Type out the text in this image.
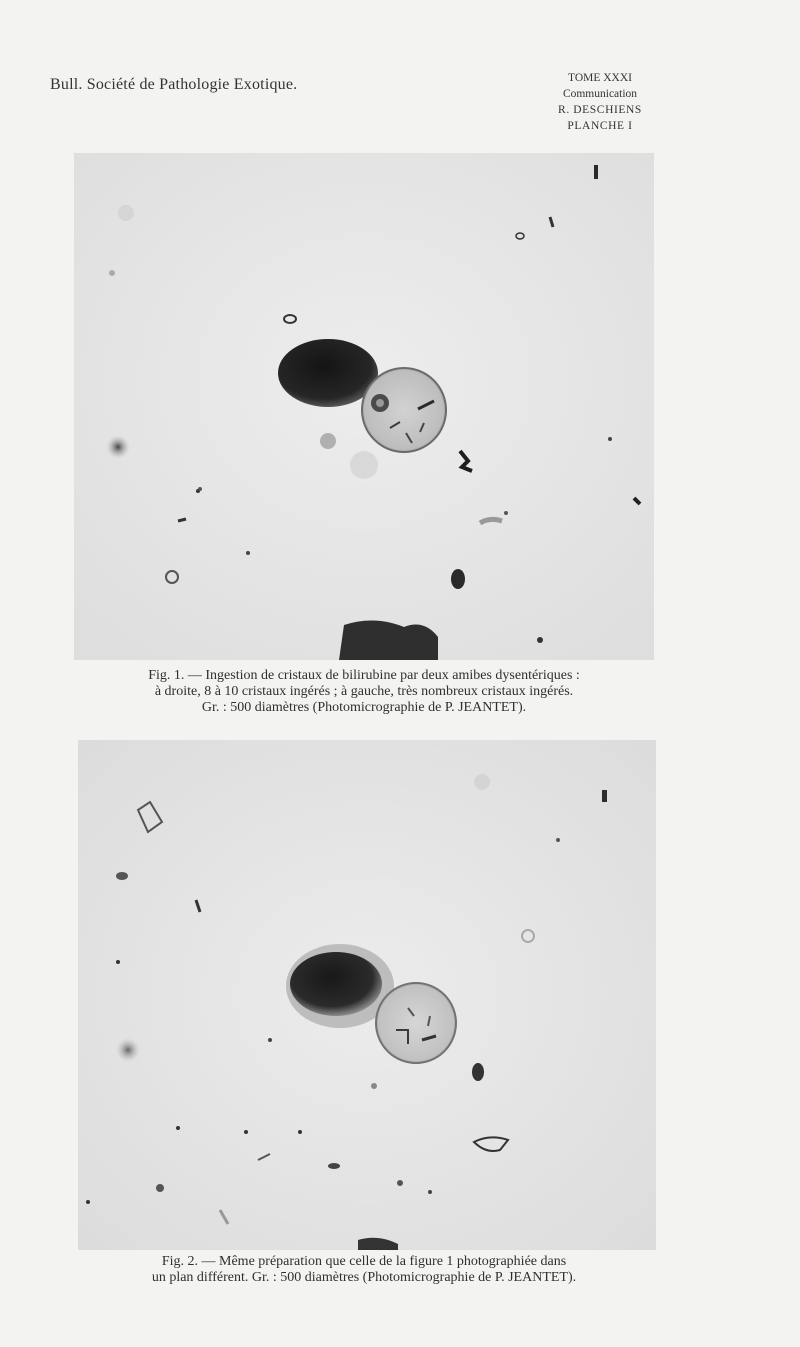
Bull. Société de Pathologie Exotique.	TOME XXXI
Communication
R. DESCHIENS
PLANCHE I
Fig. 1. — Ingestion de cristaux de bilirubine par deux amibes dysentériques :
à droite, 8 à 10 cristaux ingérés ; à gauche, très nombreux cristaux ingérés.
Gr. : 500 diamètres (Photomicrographie de P. JEANTET).
Fig. 2. — Même préparation que celle de la figure 1 photographiée dans
un plan différent. Gr. : 500 diamètres (Photomicrographie de P. JEANTET).
